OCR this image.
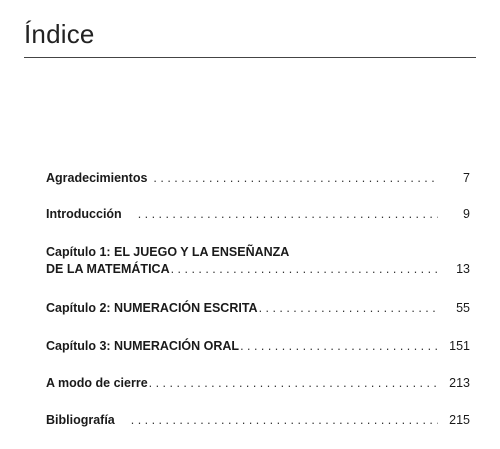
Índice
Agradecimientos . . .	7
Introducción . . .	9
Capítulo 1: EL JUEGO Y LA ENSEÑANZA
DE LA MATEMÁTICA . . .	13
Capítulo 2: NUMERACIÓN ESCRITA . . .	55
Capítulo 3: NUMERACIÓN ORAL . . .	151
A modo de cierre . . .	213
Bibliografía . . .	215
